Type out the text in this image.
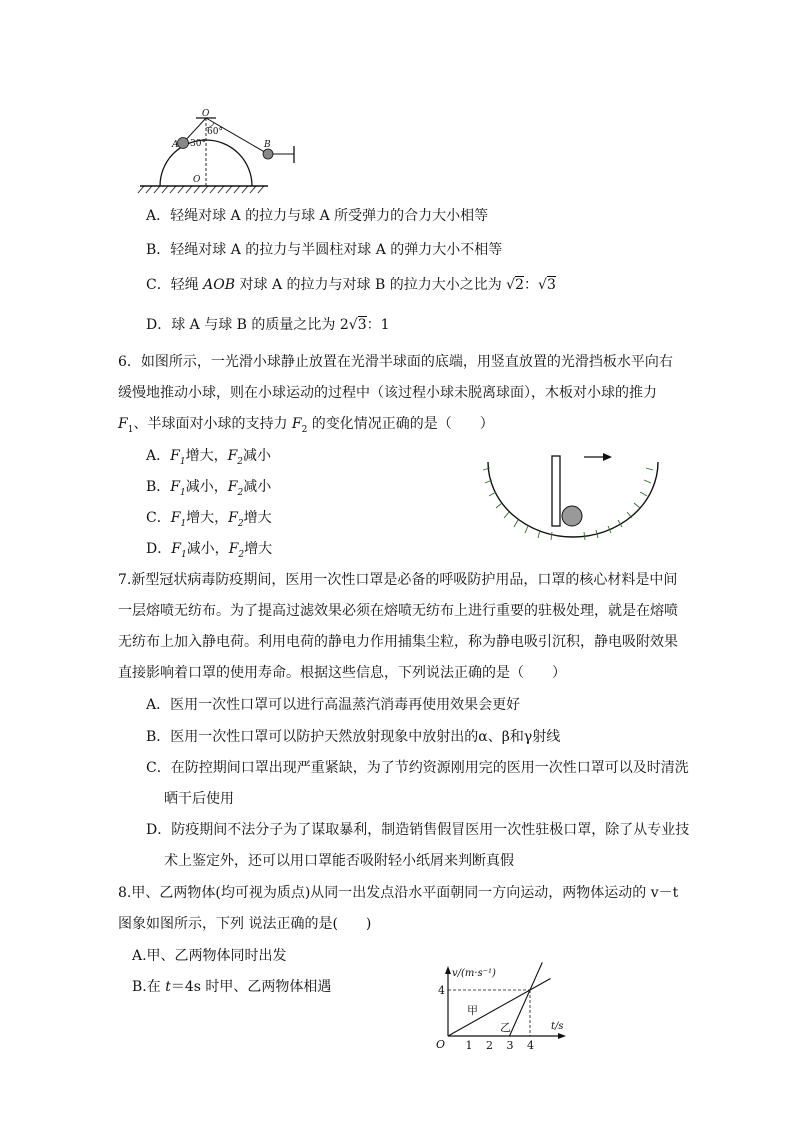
O
60°
A 30°	B
O
A．轻绳对球 A 的拉力与球 A 所受弹力的合力大小相等
B．轻绳对球 A 的拉力与半圆柱对球 A 的弹力大小不相等
C．轻绳 AOB 对球 A 的拉力与对球 B 的拉力大小之比为 √2：√3
D．球 A 与球 B 的质量之比为 2√3：1
6．如图所示，一光滑小球静止放置在光滑半球面的底端，用竖直放置的光滑挡板水平向右
缓慢地推动小球，则在小球运动的过程中（该过程小球未脱离球面），木板对小球的推力
$F_1$、半球面对小球的支持力 $F_2$ 的变化情况正确的是（　　）
A．$F_1$增大，$F_2$减小
B．$F_1$减小，$F_2$减小
C．$F_1$增大，$F_2$增大
D．$F_1$减小，$F_2$增大
7.新型冠状病毒防疫期间，医用一次性口罩是必备的呼吸防护用品，口罩的核心材料是中间
一层熔喷无纺布。为了提高过滤效果必须在熔喷无纺布上进行重要的驻极处理，就是在熔喷
无纺布上加入静电荷。利用电荷的静电力作用捕集尘粒，称为静电吸引沉积，静电吸附效果
直接影响着口罩的使用寿命。根据这些信息，下列说法正确的是（　　）
A．医用一次性口罩可以进行高温蒸汽消毒再使用效果会更好
B．医用一次性口罩可以防护天然放射现象中放射出的α、β和γ射线
C．在防控期间口罩出现严重紧缺，为了节约资源刚用完的医用一次性口罩可以及时清洗
晒干后使用
D．防疫期间不法分子为了谋取暴利，制造销售假冒医用一次性驻极口罩，除了从专业技
术上鉴定外，还可以用口罩能否吸附轻小纸屑来判断真假
8.甲、乙两物体(均可视为质点)从同一出发点沿水平面朝同一方向运动，两物体运动的 v－t
图象如图所示，下列 说法正确的是(　　)
A.甲、乙两物体同时出发
B.在 t＝4s 时甲、乙两物体相遇
v/(m·s⁻¹)
t/s
O 1 2 3 4
4
甲
乙
